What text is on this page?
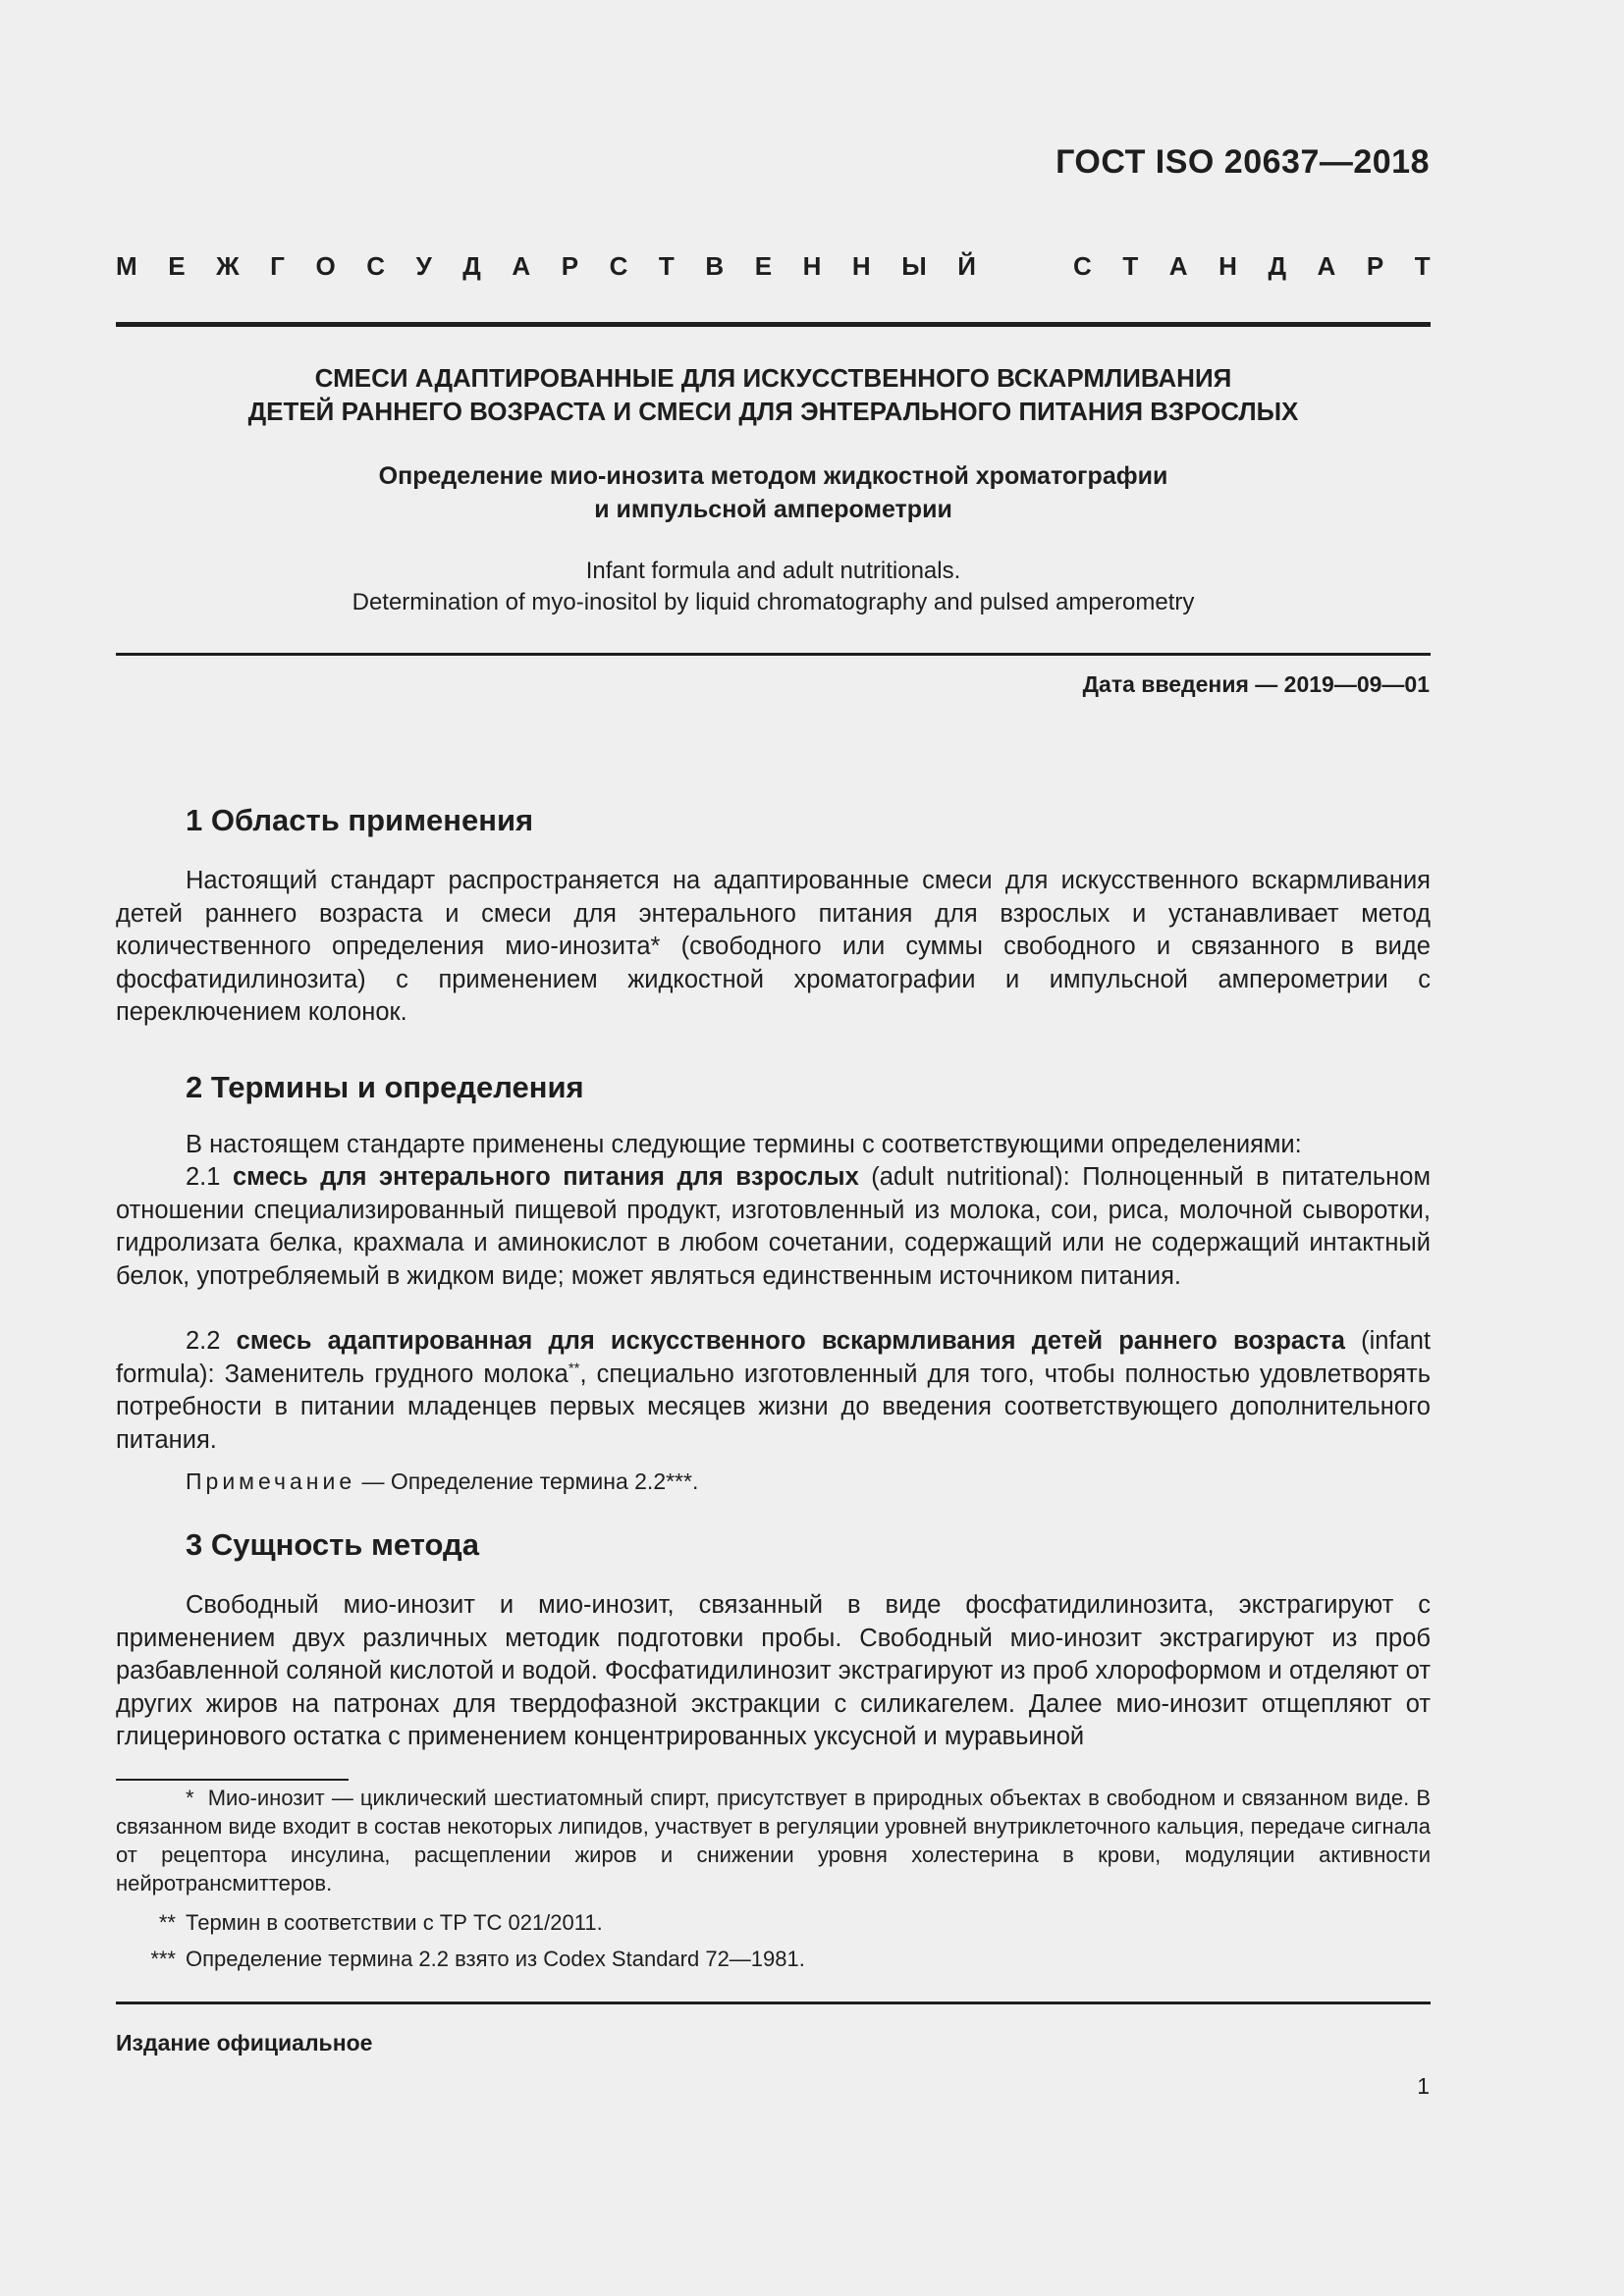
ГОСТ ISO 20637—2018
М Е Ж Г О С У Д А Р С Т В Е Н Н Ы Й	С Т А Н Д А Р Т
СМЕСИ АДАПТИРОВАННЫЕ ДЛЯ ИСКУССТВЕННОГО ВСКАРМЛИВАНИЯ
ДЕТЕЙ РАННЕГО ВОЗРАСТА И СМЕСИ ДЛЯ ЭНТЕРАЛЬНОГО ПИТАНИЯ ВЗРОСЛЫХ
Определение мио-инозита методом жидкостной хроматографии
и импульсной амперометрии
Infant formula and adult nutritionals.
Determination of myo-inositol by liquid chromatography and pulsed amperometry
Дата введения — 2019—09—01
1 Область применения
Настоящий стандарт распространяется на адаптированные смеси для искусственного вскармливания детей раннего возраста и смеси для энтерального питания для взрослых и устанавливает метод количественного определения мио-инозита* (свободного или суммы свободного и связанного в виде фосфатидилинозита) с применением жидкостной хроматографии и импульсной амперометрии с переключением колонок.
2 Термины и определения
В настоящем стандарте применены следующие термины с соответствующими определениями:
2.1 смесь для энтерального питания для взрослых (adult nutritional): Полноценный в питательном отношении специализированный пищевой продукт, изготовленный из молока, сои, риса, молочной сыворотки, гидролизата белка, крахмала и аминокислот в любом сочетании, содержащий или не содержащий интактный белок, употребляемый в жидком виде; может являться единственным источником питания.
2.2 смесь адаптированная для искусственного вскармливания детей раннего возраста (infant formula): Заменитель грудного молока**, специально изготовленный для того, чтобы полностью удовлетворять потребности в питании младенцев первых месяцев жизни до введения соответствующего дополнительного питания.
Примечание — Определение термина 2.2***.
3 Сущность метода
Свободный мио-инозит и мио-инозит, связанный в виде фосфатидилинозита, экстрагируют с применением двух различных методик подготовки пробы. Свободный мио-инозит экстрагируют из проб разбавленной соляной кислотой и водой. Фосфатидилинозит экстрагируют из проб хлороформом и отделяют от других жиров на патронах для твердофазной экстракции с силикагелем. Далее мио-инозит отщепляют от глицеринового остатка с применением концентрированных уксусной и муравьиной
* Мио-инозит — циклический шестиатомный спирт, присутствует в природных объектах в свободном и связанном виде. В связанном виде входит в состав некоторых липидов, участвует в регуляции уровней внутриклеточного кальция, передаче сигнала от рецептора инсулина, расщеплении жиров и снижении уровня холестерина в крови, модуляции активности нейротрансмиттеров.
** Термин в соответствии с ТР ТС 021/2011.
*** Определение термина 2.2 взято из Codex Standard 72—1981.
Издание официальное
1
